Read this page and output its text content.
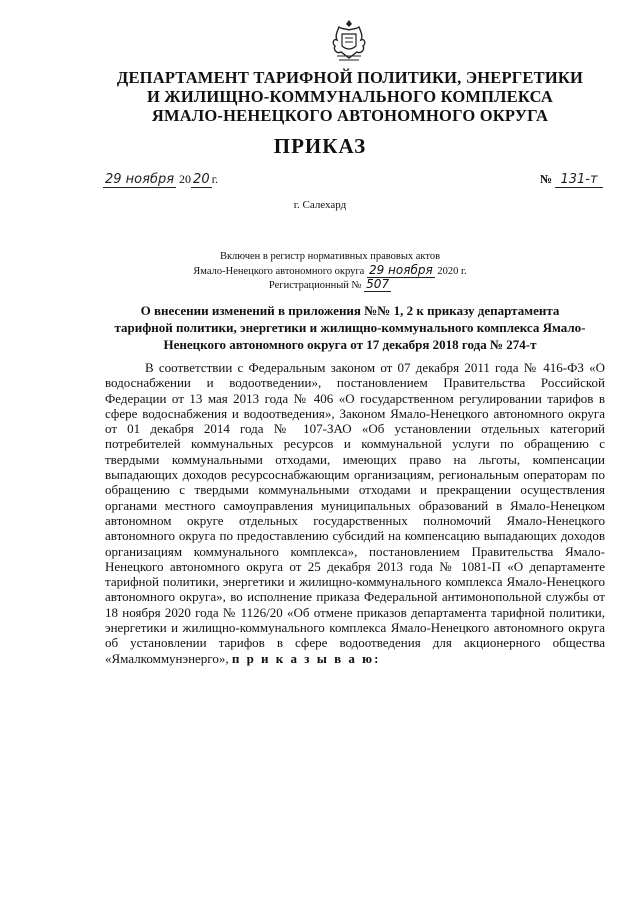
ДЕПАРТАМЕНТ ТАРИФНОЙ ПОЛИТИКИ, ЭНЕРГЕТИКИ
И ЖИЛИЩНО-КОММУНАЛЬНОГО КОМПЛЕКСА
ЯМАЛО-НЕНЕЦКОГО АВТОНОМНОГО ОКРУГА
ПРИКАЗ
29 ноября 20 20 г.	№ 131-т
г. Салехард
Включен в регистр нормативных правовых актов
Ямало-Ненецкого автономного округа 29 ноября 2020 г.
Регистрационный № 507
О внесении изменений в приложения №№ 1, 2 к приказу департамента тарифной политики, энергетики и жилищно-коммунального комплекса Ямало-Ненецкого автономного округа от 17 декабря 2018 года № 274-т
В соответствии с Федеральным законом от 07 декабря 2011 года № 416-ФЗ «О водоснабжении и водоотведении», постановлением Правительства Российской Федерации от 13 мая 2013 года № 406 «О государственном регулировании тарифов в сфере водоснабжения и водоотведения», Законом Ямало-Ненецкого автономного округа от 01 декабря 2014 года № 107-ЗАО «Об установлении отдельных категорий потребителей коммунальных ресурсов и коммунальной услуги по обращению с твердыми коммунальными отходами, имеющих право на льготы, компенсации выпадающих доходов ресурсоснабжающим организациям, региональным операторам по обращению с твердыми коммунальными отходами и прекращении осуществления органами местного самоуправления муниципальных образований в Ямало-Ненецком автономном округе отдельных государственных полномочий Ямало-Ненецкого автономного округа по предоставлению субсидий на компенсацию выпадающих доходов организациям коммунального комплекса», постановлением Правительства Ямало-Ненецкого автономного округа от 25 декабря 2013 года № 1081-П «О департаменте тарифной политики, энергетики и жилищно-коммунального комплекса Ямало-Ненецкого автономного округа», во исполнение приказа Федеральной антимонопольной службы от 18 ноября 2020 года № 1126/20 «Об отмене приказов департамента тарифной политики, энергетики и жилищно-коммунального комплекса Ямало-Ненецкого автономного округа об установлении тарифов в сфере водоотведения для акционерного общества «Ямалкоммунэнерго», п р и к а з ы в а ю:
